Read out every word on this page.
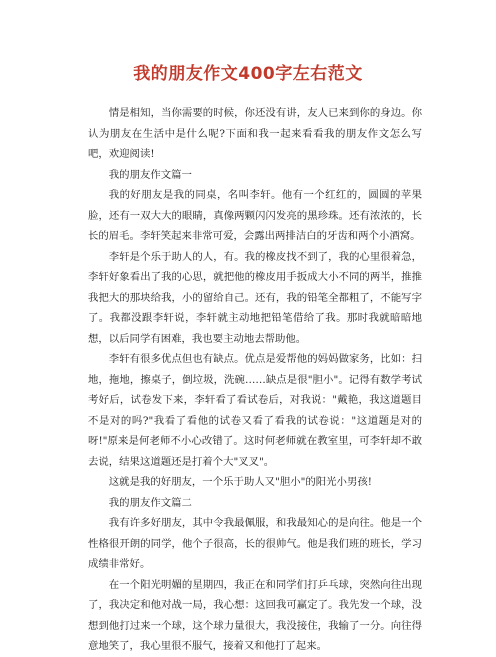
我的朋友作文400字左右范文

情是相知，当你需要的时候，你还没有讲，友人已来到你的身边。你认为朋友在生活中是什么呢?下面和我一起来看看我的朋友作文怎么写吧，欢迎阅读!

我的朋友作文篇一

我的好朋友是我的同桌，名叫李轩。他有一个红红的，圆圆的苹果脸，还有一双大大的眼睛，真像两颗闪闪发亮的黑珍珠。还有浓浓的，长长的眉毛。李轩笑起来非常可爱，会露出两排洁白的牙齿和两个小酒窝。

李轩是个乐于助人的人，有。我的橡皮找不到了，我的心里很着急，李轩好象看出了我的心思，就把他的橡皮用手扳成大小不同的两半，推推我把大的那块给我，小的留给自己。还有，我的铅笔全都粗了，不能写字了。我都没跟李轩说，李轩就主动地把铅笔借给了我。那时我就暗暗地想，以后同学有困难，我也要主动地去帮助他。

李轩有很多优点但也有缺点。优点是爱帮他的妈妈做家务，比如：扫地，拖地，擦桌子，倒垃圾，洗碗……缺点是很"胆小"。记得有数学考试考好后，试卷发下来，李轩看了看试卷后，对我说："戴艳，我这道题目不是对的吗?"我看了看他的试卷又看了看我的试卷说："这道题是对的呀!"原来是何老师不小心改错了。这时何老师就在教室里，可李轩却不敢去说，结果这道题还是打着个大"叉叉"。

这就是我的好朋友，一个乐于助人又"胆小"的阳光小男孩!

我的朋友作文篇二

我有许多好朋友，其中令我最佩服，和我最知心的是向往。他是一个性格很开朗的同学，他个子很高，长的很帅气。他是我们班的班长，学习成绩非常好。

在一个阳光明媚的星期四，我正在和同学们打乒乓球，突然向往出现了，我决定和他对战一局，我心想：这回我可赢定了。我先发一个球，没想到他打过来一个球，这个球力量很大，我没接住，我输了一分。向往得意地笑了，我心里很不服气，接着又和他打了起来。
